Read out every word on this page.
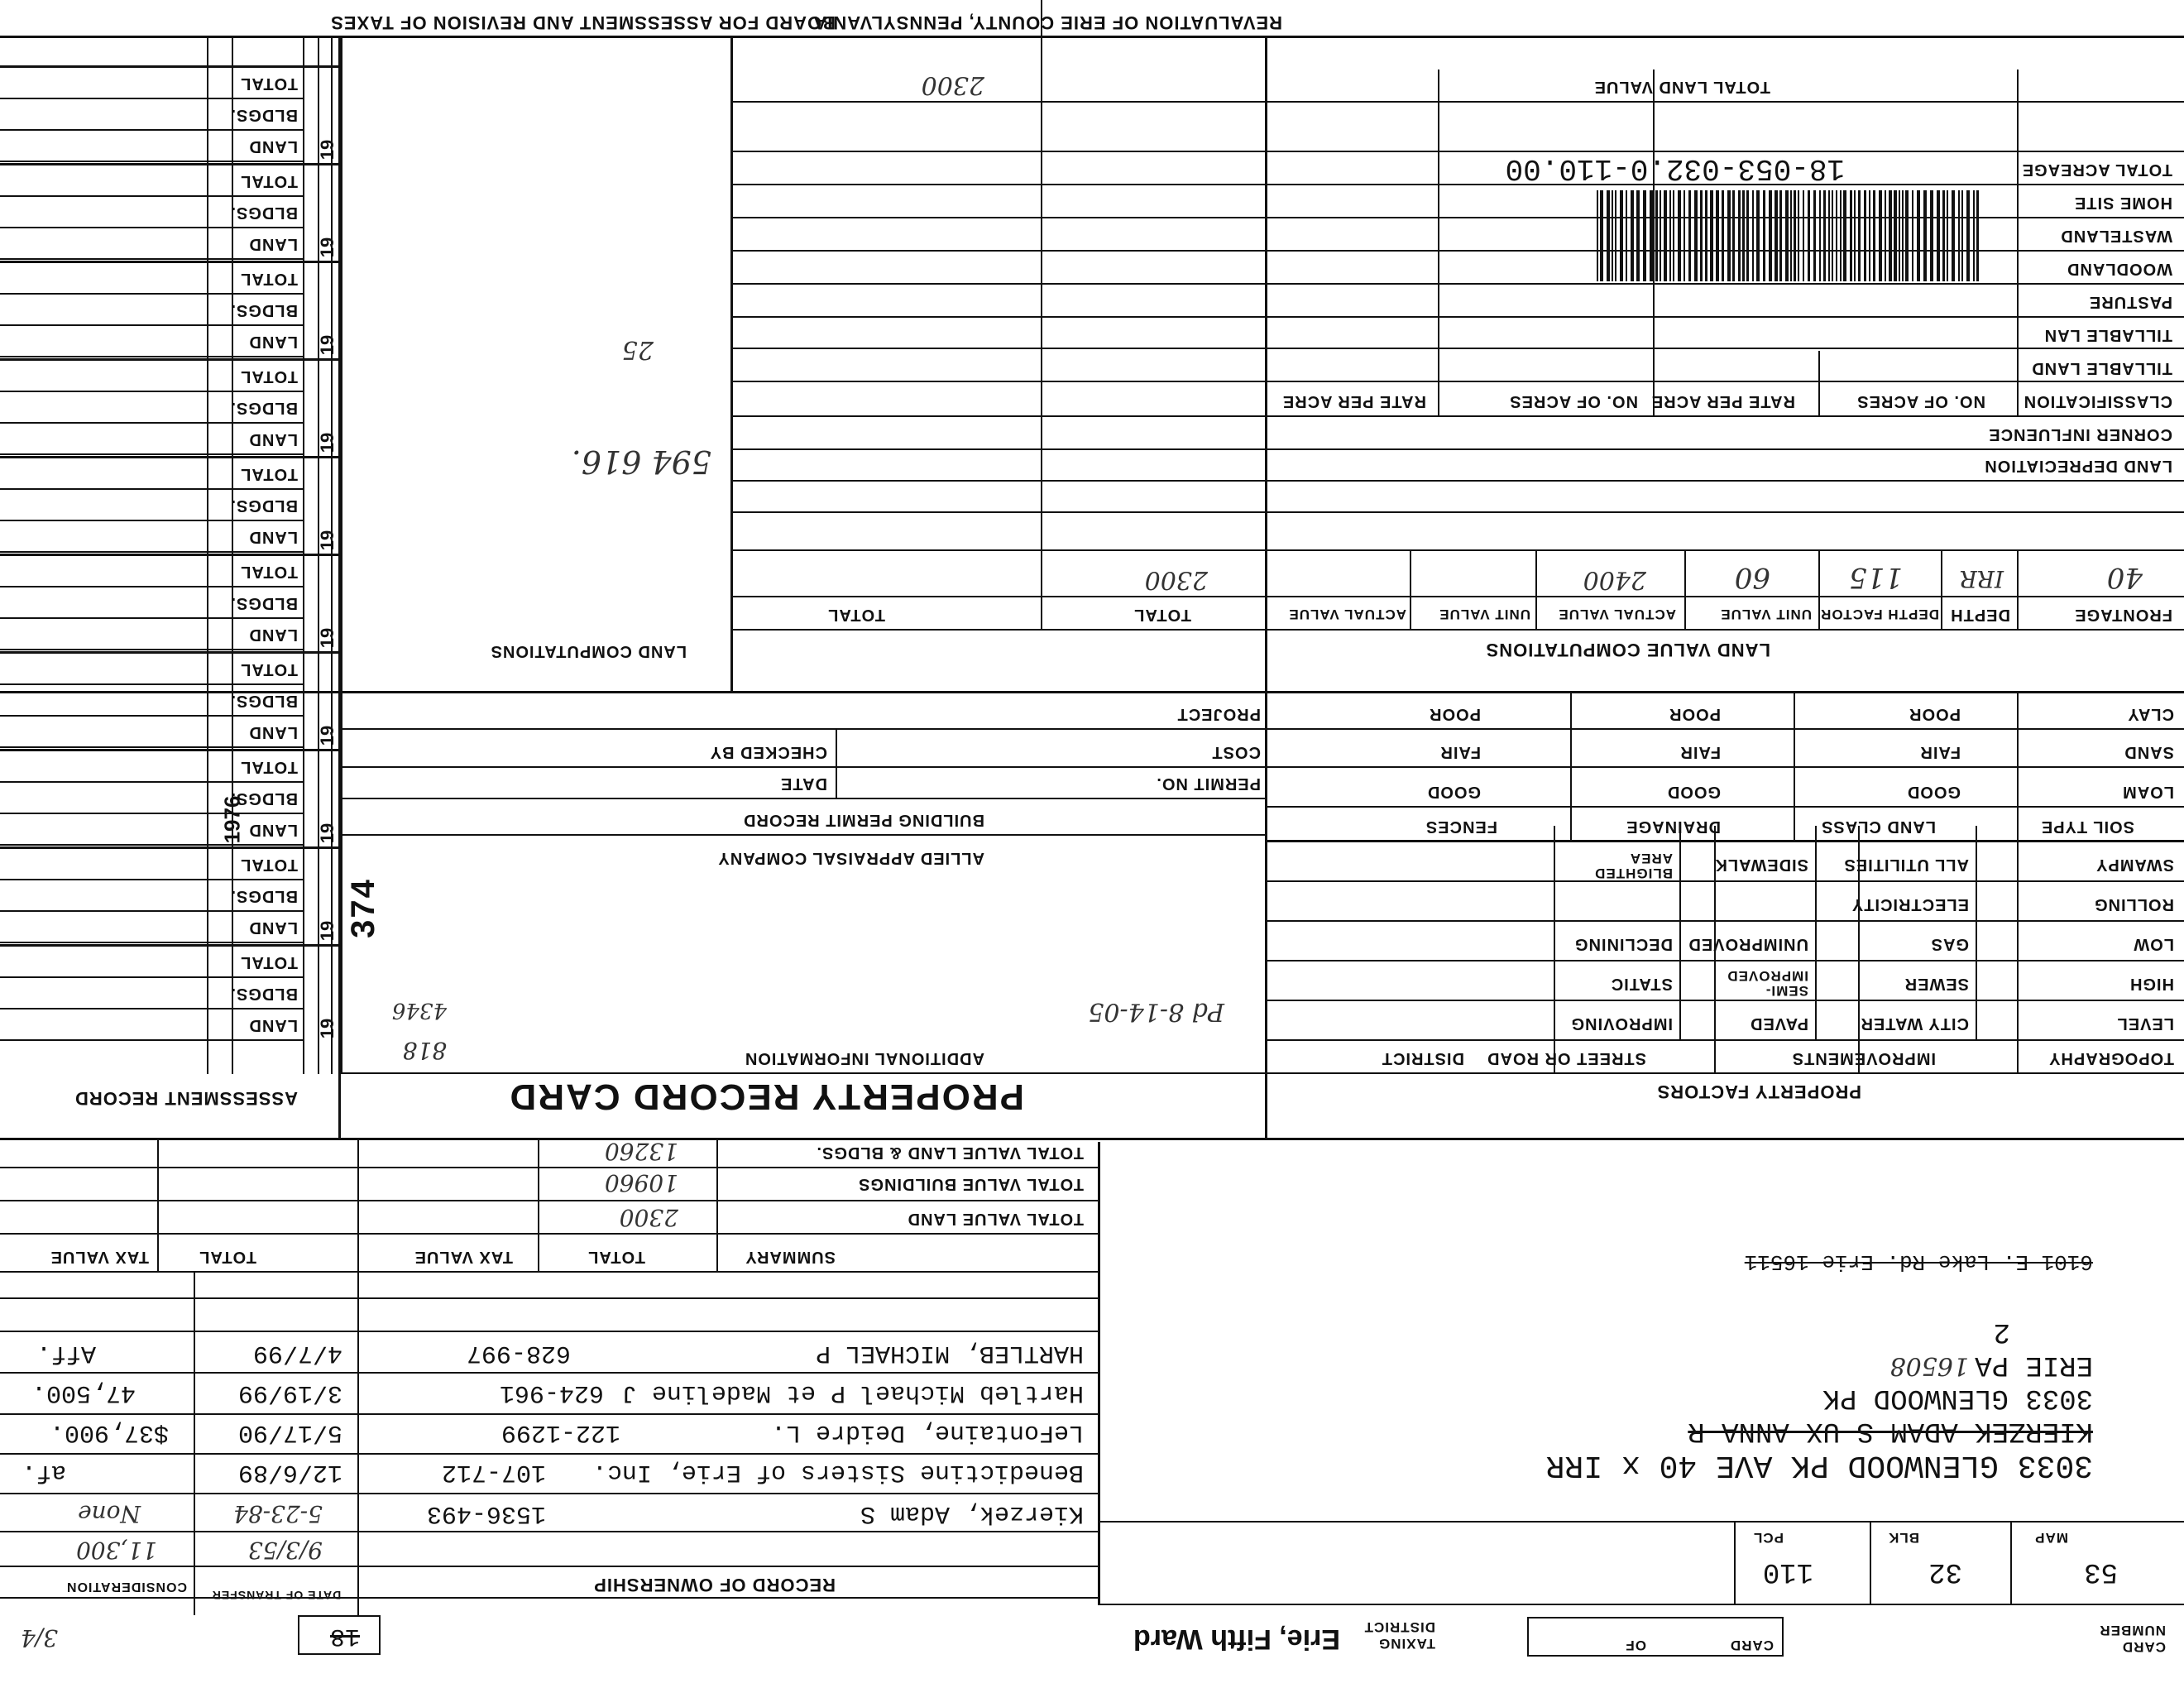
REVALUATION OF ERIE COUNTY, PENNSYLVANIA
BOARD FOR ASSESSMENT AND REVISION OF TAXES
CARD NUMBER
CARD
OF
TAXING DISTRICT
Erie, Fifth Ward
18
3/4
MAP
53
BLK
32
PCL
110
3033 GLENWOOD PK AVE 40 x IRR
KIERZEK ADAM S UX ANNA R
3033 GLENWOOD PK
ERIE PA
16508
2
6101 E. Lake Rd. Erie 16511
SUMMARY
TOTAL
TAX VALUE
TOTAL
TAX VALUE
TOTAL VALUE LAND
2300
TOTAL VALUE BUILDINGS
10960
TOTAL VALUE LAND & BLDGS.
13260
RECORD OF OWNERSHIP
DATE OF TRANSFER
CONSIDERATION
Kierzek, Adam S
1536-493
9/3/53
11,300
5-23-84
None
Benedictine Sisters of Erie, Inc.
107-712
12/6/89
af.
LeFontaine, Deidre L.
122-1299
5/17/90
$37,900.
Hartleb Michael P et Madeline J
624-961
3/19/99
47,500.
HARTLEB, MICHAEL P
628-997
4/7/99
Aff.
PROPERTY FACTORS
TOPOGRAPHY
IMPROVEMENTS
STREET OR ROAD
DISTRICT
LEVEL
HIGH
LOW
ROLLING
SWAMPY
CITY WATER
SEWER
GAS
ELECTRICITY
ALL UTILITIES
PAVED
SEMI-IMPROVED
UNIMPROVED
SIDEWALK
IMPROVING
STATIC
DECLINING
BLIGHTED AREA
SOIL TYPE
LAND CLASS
DRAINAGE
FENCES
LOAM
SAND
CLAY
GOOD
FAIR
POOR
GOOD
FAIR
POOR
GOOD
FAIR
POOR
PROPERTY RECORD CARD
ADDITIONAL INFORMATION
ALLIED APPRAISAL COMPANY
Pd 8-14-05
818
4346
374
BUILDING PERMIT RECORD
PERMIT NO.
DATE
COST
CHECKED BY
PROJECT
LAND VALUE COMPUTATIONS
LAND COMPUTATIONS
FRONTAGE
DEPTH
DEPTH FACTOR
UNIT VALUE
ACTUAL VALUE
UNIT VALUE
ACTUAL VALUE
TOTAL
TOTAL
40
IRR
115
60
2400
2300
LAND DEPRECIATION
CORNER INFLUENCE
594 616.
25
CLASSIFICATION
NO. OF ACRES
RATE PER ACRE
NO. OF ACRES
RATE PER ACRE
TILLABLE LAND
TILLABLE LAN
PASTURE
WOODLAND
WASTELAND
HOME SITE
TOTAL ACREAGE
TOTAL LAND VALUE
2300
18-053-032.0-110.00
ASSESSMENT RECORD
LAND
BLDGS.
TOTAL
19
LAND
BLDGS.
TOTAL
19
LAND
BLDGS.
TOTAL
19
LAND
BLDGS.
TOTAL
19
LAND
BLDGS.
TOTAL
19
LAND
BLDGS.
TOTAL
19
LAND
BLDGS.
TOTAL
19
LAND
BLDGS.
TOTAL
19
LAND
BLDGS.
TOTAL
19
LAND
BLDGS.
TOTAL
19
1976
